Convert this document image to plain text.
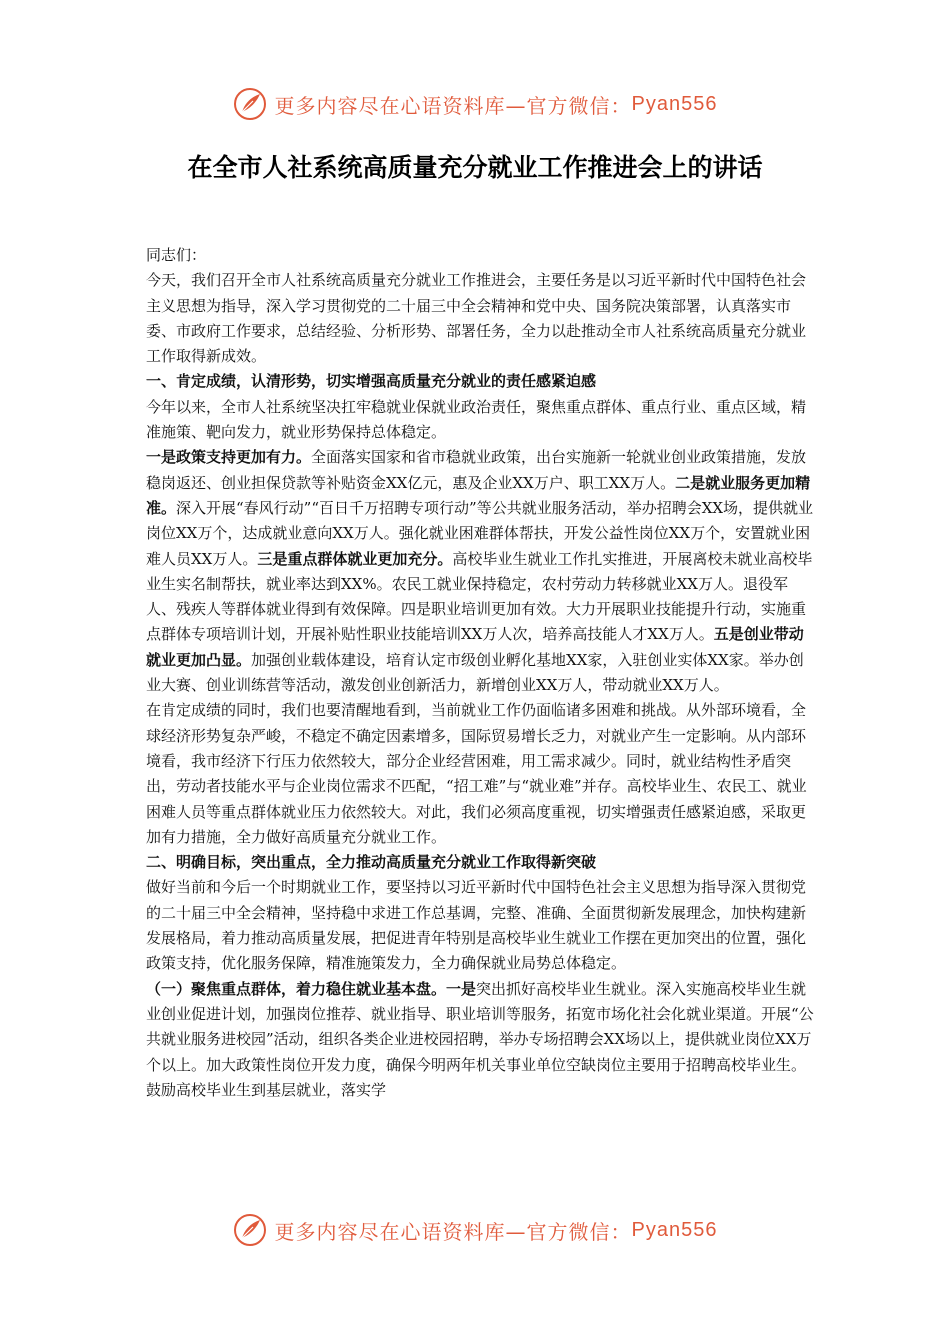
更多内容尽在心语资料库—官方微信： Pyan556
在全市人社系统高质量充分就业工作推进会上的讲话

同志们：

今天，我们召开全市人社系统高质量充分就业工作推进会，主要任务是以习近平新时代中国特色社会主义思想为指导，深入学习贯彻党的二十届三中全会精神和党中央、国务院决策部署，认真落实市委、市政府工作要求，总结经验、分析形势、部署任务，全力以赴推动全市人社系统高质量充分就业工作取得新成效。

一、肯定成绩，认清形势，切实增强高质量充分就业的责任感紧迫感

今年以来，全市人社系统坚决扛牢稳就业保就业政治责任，聚焦重点群体、重点行业、重点区域，精准施策、靶向发力，就业形势保持总体稳定。

一是政策支持更加有力。全面落实国家和省市稳就业政策，出台实施新一轮就业创业政策措施，发放稳岗返还、创业担保贷款等补贴资金XX亿元，惠及企业XX万户、职工XX万人。二是就业服务更加精准。深入开展“春风行动”“百日千万招聘专项行动”等公共就业服务活动，举办招聘会XX场，提供就业岗位XX万个，达成就业意向XX万人。强化就业困难群体帮扶，开发公益性岗位XX万个，安置就业困难人员XX万人。三是重点群体就业更加充分。高校毕业生就业工作扎实推进，开展离校未就业高校毕业生实名制帮扶，就业率达到XX%。农民工就业保持稳定，农村劳动力转移就业XX万人。退役军人、残疾人等群体就业得到有效保障。四是职业培训更加有效。大力开展职业技能提升行动，实施重点群体专项培训计划，开展补贴性职业技能培训XX万人次，培养高技能人才XX万人。五是创业带动就业更加凸显。加强创业载体建设，培育认定市级创业孵化基地XX家，入驻创业实体XX家。举办创业大赛、创业训练营等活动，激发创业创新活力，新增创业XX万人，带动就业XX万人。

在肯定成绩的同时，我们也要清醒地看到，当前就业工作仍面临诸多困难和挑战。从外部环境看，全球经济形势复杂严峻，不稳定不确定因素增多，国际贸易增长乏力，对就业产生一定影响。从内部环境看，我市经济下行压力依然较大，部分企业经营困难，用工需求减少。同时，就业结构性矛盾突出，劳动者技能水平与企业岗位需求不匹配，“招工难”与“就业难”并存。高校毕业生、农民工、就业困难人员等重点群体就业压力依然较大。对此，我们必须高度重视，切实增强责任感紧迫感，采取更加有力措施，全力做好高质量充分就业工作。

二、明确目标，突出重点，全力推动高质量充分就业工作取得新突破

做好当前和今后一个时期就业工作，要坚持以习近平新时代中国特色社会主义思想为指导深入贯彻党的二十届三中全会精神，坚持稳中求进工作总基调，完整、准确、全面贯彻新发展理念，加快构建新发展格局，着力推动高质量发展，把促进青年特别是高校毕业生就业工作摆在更加突出的位置，强化政策支持，优化服务保障，精准施策发力，全力确保就业局势总体稳定。

（一）聚焦重点群体，着力稳住就业基本盘。一是突出抓好高校毕业生就业。深入实施高校毕业生就业创业促进计划，加强岗位推荐、就业指导、职业培训等服务，拓宽市场化社会化就业渠道。开展“公共就业服务进校园”活动，组织各类企业进校园招聘，举办专场招聘会XX场以上，提供就业岗位XX万个以上。加大政策性岗位开发力度，确保今明两年机关事业单位空缺岗位主要用于招聘高校毕业生。鼓励高校毕业生到基层就业，落实学

更多内容尽在心语资料库—官方微信： Pyan556
